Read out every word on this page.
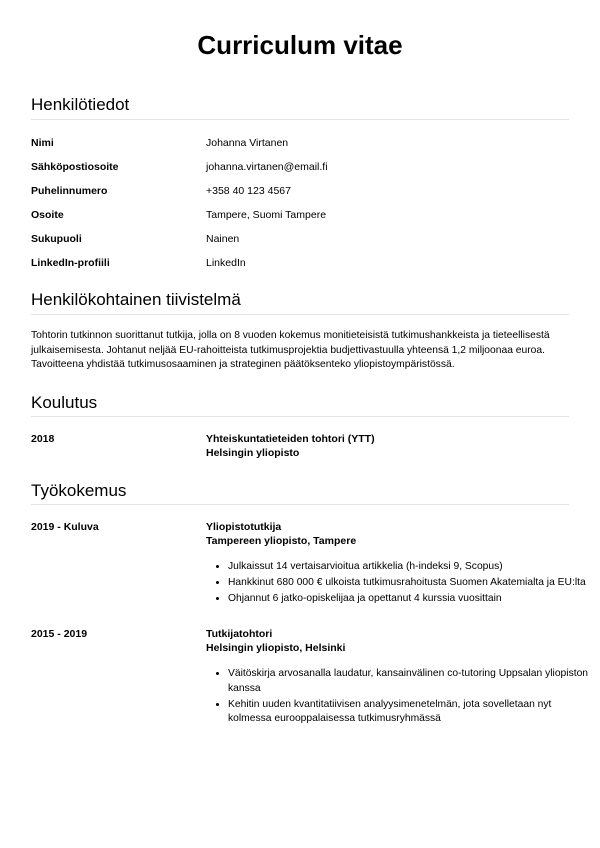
Curriculum vitae
Henkilötiedot
Nimi	Johanna Virtanen
Sähköpostiosoite	johanna.virtanen@email.fi
Puhelinnumero	+358 40 123 4567
Osoite	Tampere, Suomi Tampere
Sukupuoli	Nainen
LinkedIn-profiili	LinkedIn
Henkilökohtainen tiivistelmä
Tohtorin tutkinnon suorittanut tutkija, jolla on 8 vuoden kokemus monitieteisistä tutkimushankkeista ja tieteellisestä
julkaisemisesta. Johtanut neljää EU-rahoitteista tutkimusprojektia budjettivastuulla yhteensä 1,2 miljoonaa euroa.
Tavoitteena yhdistää tutkimusosaaminen ja strateginen päätöksenteko yliopistoympäristössä.
Koulutus
2018	Yhteiskuntatieteiden tohtori (YTT)
Helsingin yliopisto
Työkokemus
2019 - Kuluva	Yliopistotutkija
Tampereen yliopisto, Tampere
• Julkaissut 14 vertaisarvioitua artikkelia (h-indeksi 9, Scopus)
• Hankkinut 680 000 € ulkoista tutkimusrahoitusta Suomen Akatemialta ja EU:lta
• Ohjannut 6 jatko-opiskelijaa ja opettanut 4 kurssia vuosittain
2015 - 2019	Tutkijatohtori
Helsingin yliopisto, Helsinki
• Väitöskirja arvosanalla laudatur, kansainvälinen co-tutoring Uppsalan yliopiston kanssa
• Kehitin uuden kvantitatiivisen analyysimenetelmän, jota sovelletaan nyt kolmessa eurooppalaisessa tutkimusryhmässä
